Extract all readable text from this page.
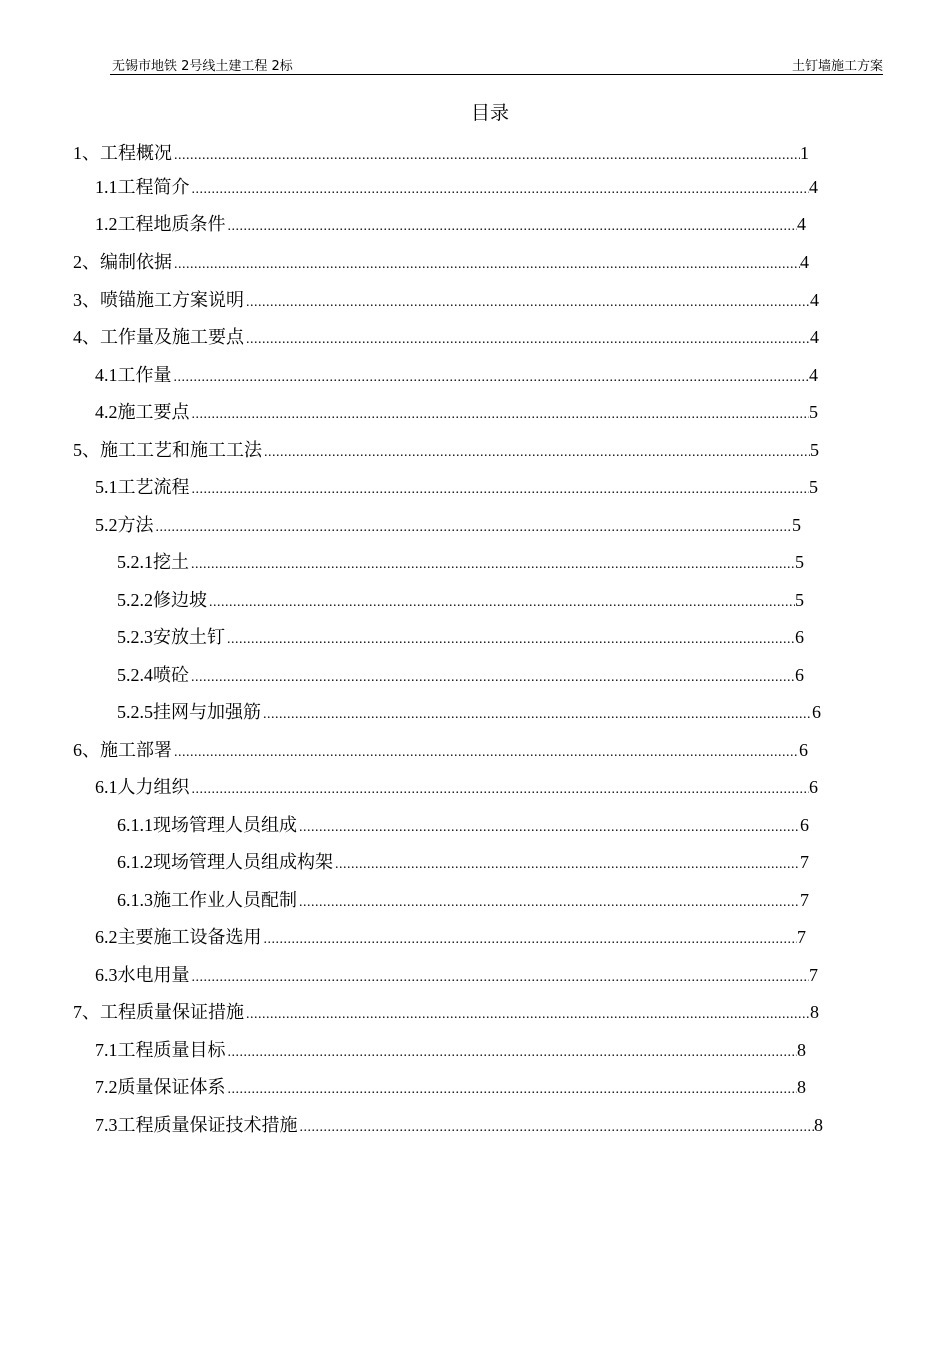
无锡市地铁 2号线土建工程 2标	土钉墙施工方案
目录
1、 工程概况 .....	1
1.1 工程简介 .....	4
1.2 工程地质条件 .....	4
2、 编制依据 .....	4
3、 喷锚施工方案说明 .....	4
4、 工作量及施工要点 .....	4
4.1 工作量 .....	4
4.2 施工要点 .....	5
5、 施工工艺和施工工法 .....	5
5.1 工艺流程 .....	5
5.2 方法 .....	5
5.2.1 挖土 .....	5
5.2.2 修边坡 .....	5
5.2.3 安放土钉 .....	6
5.2.4 喷砼 .....	6
5.2.5 挂网与加强筋 .....	6
6、 施工部署 .....	6
6.1 人力组织 .....	6
6.1.1 现场管理人员组成 .....	6
6.1.2 现场管理人员组成构架 .....	7
6.1.3 施工作业人员配制 .....	7
6.2 主要施工设备选用 .....	7
6.3 水电用量 .....	7
7、 工程质量保证措施 .....	8
7.1 工程质量目标 .....	8
7.2 质量保证体系 .....	8
7.3 工程质量保证技术措施 .....	8
